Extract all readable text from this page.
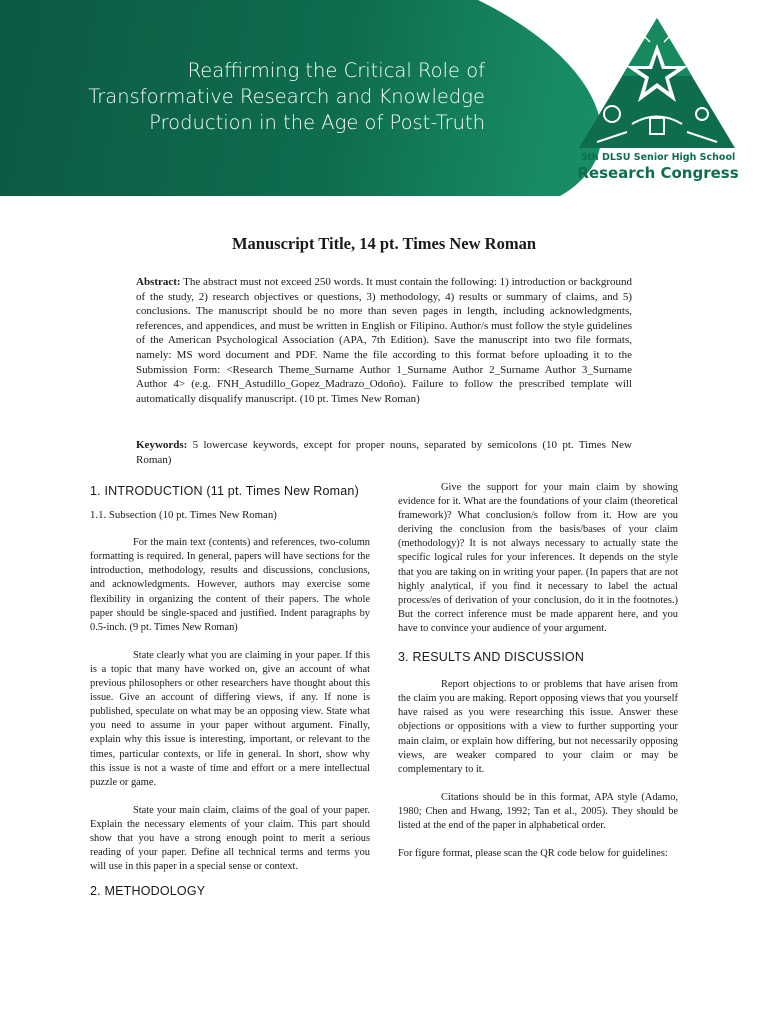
Reaffirming the Critical Role of
Transformative Research and Knowledge
Production in the Age of Post-Truth
5th DLSU Senior High School
Research Congress
Manuscript Title, 14 pt. Times New Roman
Abstract: The abstract must not exceed 250 words. It must contain the following: 1) introduction or background of the study, 2) research objectives or questions, 3) methodology, 4) results or summary of claims, and 5) conclusions. The manuscript should be no more than seven pages in length, including acknowledgments, references, and appendices, and must be written in English or Filipino. Author/s must follow the style guidelines of the American Psychological Association (APA, 7th Edition). Save the manuscript into two file formats, namely: MS word document and PDF. Name the file according to this format before uploading it to the Submission Form: <Research Theme_Surname Author 1_Surname Author 2_Surname Author 3_Surname Author 4> (e.g. FNH_Astudillo_Gopez_Madrazo_Odoño). Failure to follow the prescribed template will automatically disqualify manuscript. (10 pt. Times New Roman)
Keywords: 5 lowercase keywords, except for proper nouns, separated by semicolons (10 pt. Times New Roman)
1. INTRODUCTION (11 pt. Times New Roman)
1.1. Subsection (10 pt. Times New Roman)

For the main text (contents) and references, two-column formatting is required. In general, papers will have sections for the introduction, methodology, results and discussions, conclusions, and acknowledgments. However, authors may exercise some flexibility in organizing the content of their papers. The whole paper should be single-spaced and justified. Indent paragraphs by 0.5-inch. (9 pt. Times New Roman)

State clearly what you are claiming in your paper. If this is a topic that many have worked on, give an account of what previous philosophers or other researchers have thought about this issue. Give an account of differing views, if any. If none is published, speculate on what may be an opposing view. State what you need to assume in your paper without argument. Finally, explain why this issue is interesting, important, or relevant to the times, particular contexts, or life in general. In short, show why this issue is not a waste of time and effort or a mere intellectual puzzle or game.

State your main claim, claims of the goal of your paper. Explain the necessary elements of your claim. This part should show that you have a strong enough point to merit a serious reading of your paper. Define all technical terms and terms you will use in this paper in a special sense or context.

2. METHODOLOGY

Give the support for your main claim by showing evidence for it. What are the foundations of your claim (theoretical framework)? What conclusion/s follow from it. How are you deriving the conclusion from the basis/bases of your claim (methodology)? It is not always necessary to actually state the specific logical rules for your inferences. It depends on the style that you are taking on in writing your paper. (In papers that are not highly analytical, if you find it necessary to label the actual process/es of derivation of your conclusion, do it in the footnotes.) But the correct inference must be made apparent here, and you have to convince your audience of your argument.

3. RESULTS AND DISCUSSION

Report objections to or problems that have arisen from the claim you are making. Report opposing views that you yourself have raised as you were researching this issue. Answer these objections or oppositions with a view to further supporting your main claim, or explain how differing, but not necessarily opposing views, are weaker compared to your claim or may be complementary to it.

Citations should be in this format, APA style (Adamo, 1980; Chen and Hwang, 1992; Tan et al., 2005). They should be listed at the end of the paper in alphabetical order.

For figure format, please scan the QR code below for guidelines:
